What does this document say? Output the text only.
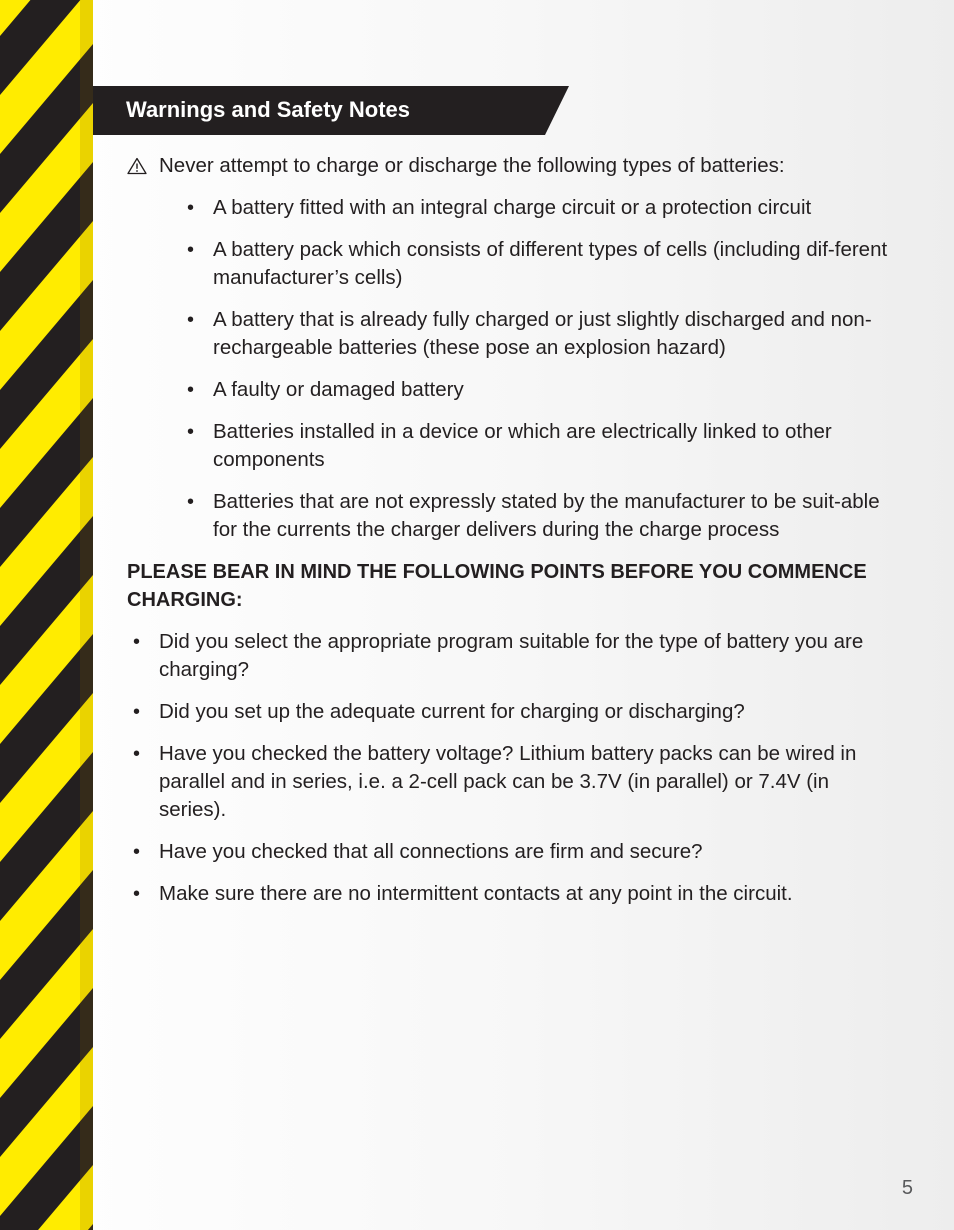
Warnings and Safety Notes
Never attempt to charge or discharge the following types of batteries:
• A battery fitted with an integral charge circuit or a protection circuit
• A battery pack which consists of different types of cells (including dif-ferent manufacturer’s cells)
• A battery that is already fully charged or just slightly discharged and non-rechargeable batteries (these pose an explosion hazard)
• A faulty or damaged battery
• Batteries installed in a device or which are electrically linked to other components
• Batteries that are not expressly stated by the manufacturer to be suit-able for the currents the charger delivers during the charge process
PLEASE BEAR IN MIND THE FOLLOWING POINTS BEFORE YOU COMMENCE CHARGING:
• Did you select the appropriate program suitable for the type of battery you are charging?
• Did you set up the adequate current for charging or discharging?
• Have you checked the battery voltage? Lithium battery packs can be wired in parallel and in series, i.e. a 2-cell pack can be 3.7V (in parallel) or 7.4V (in series).
• Have you checked that all connections are firm and secure?
• Make sure there are no intermittent contacts at any point in the circuit.
5
